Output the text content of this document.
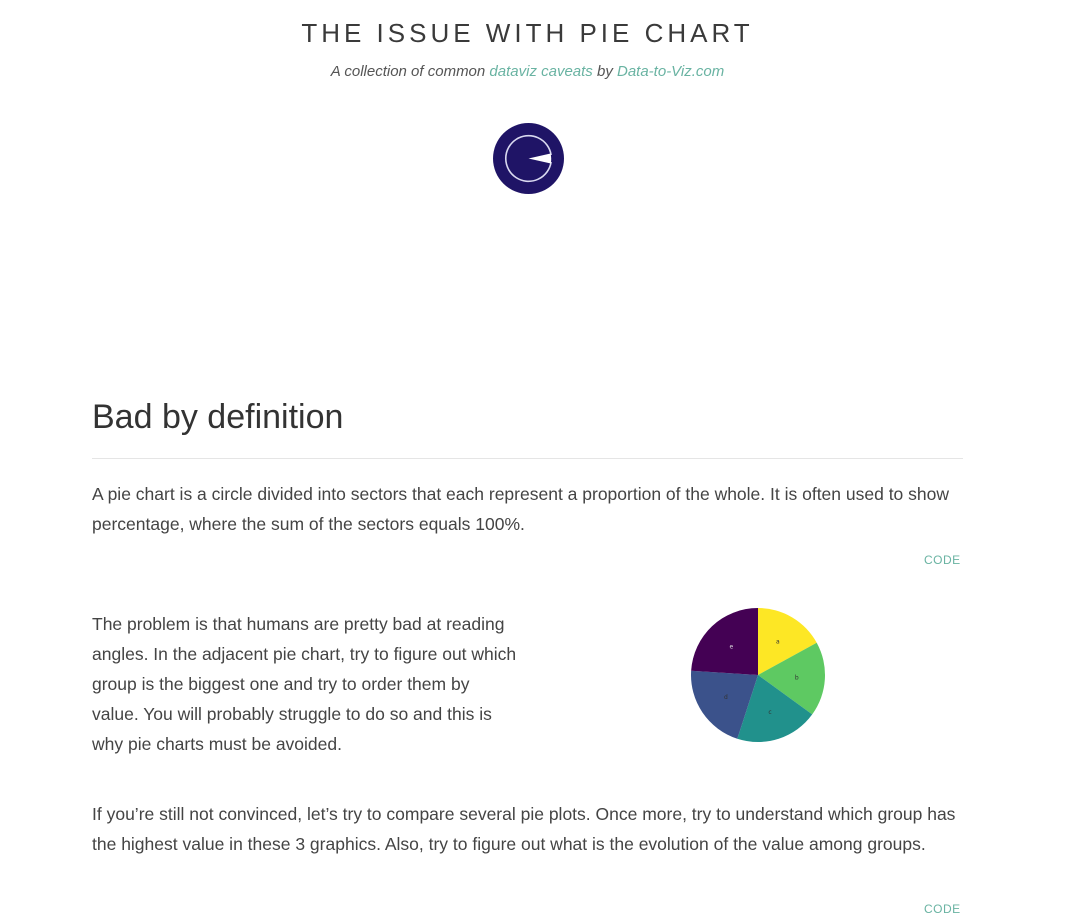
THE ISSUE WITH PIE CHART

A collection of common dataviz caveats by Data-to-Viz.com

Bad by definition

A pie chart is a circle divided into sectors that each represent a proportion of the whole. It is often used to show percentage, where the sum of the sectors equals 100%.

CODE

The problem is that humans are pretty bad at reading angles. In the adjacent pie chart, try to figure out which group is the biggest one and try to order them by value. You will probably struggle to do so and this is why pie charts must be avoided.

a
b
c
d
e

If you’re still not convinced, let’s try to compare several pie plots. Once more, try to understand which group has the highest value in these 3 graphics. Also, try to figure out what is the evolution of the value among groups.

CODE
